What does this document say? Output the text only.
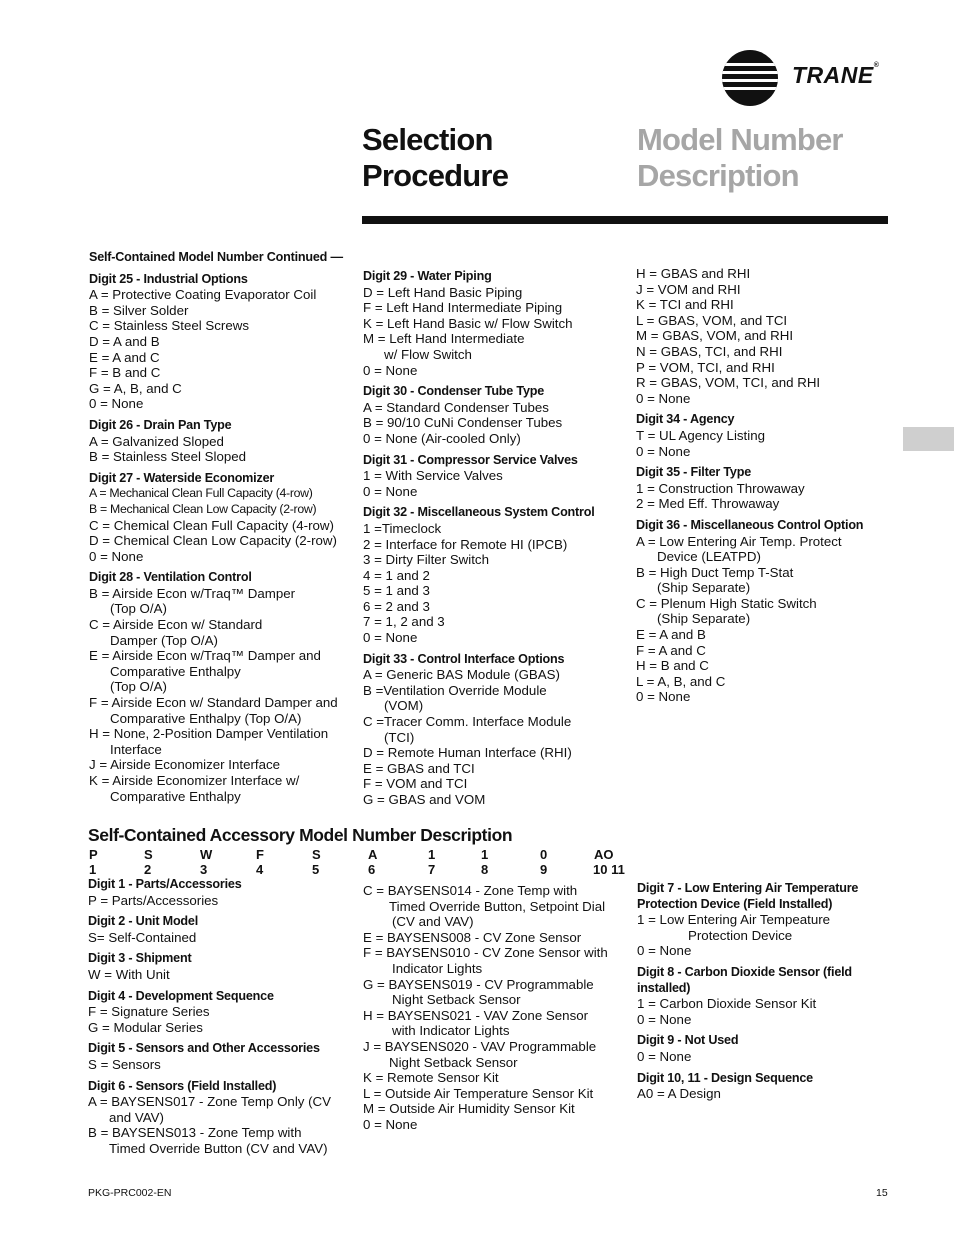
TRANE®
Selection
Procedure
Model Number
Description
Self-Contained Model Number Continued —
Digit 25 - Industrial Options
A = Protective Coating Evaporator Coil
B = Silver Solder
C = Stainless Steel Screws
D = A and B
E = A and C
F = B and C
G = A, B, and C
0 = None
Digit 26 - Drain Pan Type
A = Galvanized Sloped
B = Stainless Steel Sloped
Digit 27 - Waterside Economizer
A = Mechanical Clean Full Capacity (4-row)
B = Mechanical Clean Low Capacity (2-row)
C = Chemical Clean Full Capacity (4-row)
D = Chemical Clean Low Capacity (2-row)
0 = None
Digit 28 - Ventilation Control
B = Airside Econ w/Traq™ Damper
(Top O/A)
C = Airside Econ w/ Standard
Damper (Top O/A)
E = Airside Econ w/Traq™ Damper and
Comparative Enthalpy
(Top O/A)
F = Airside Econ w/ Standard Damper and
Comparative Enthalpy (Top O/A)
H = None, 2-Position Damper Ventilation
Interface
J = Airside Economizer Interface
K = Airside Economizer Interface w/
Comparative Enthalpy
Digit 29 - Water Piping
D = Left Hand Basic Piping
F = Left Hand Intermediate Piping
K = Left Hand Basic w/ Flow Switch
M = Left Hand Intermediate
w/ Flow Switch
0 = None
Digit 30 - Condenser Tube Type
A = Standard Condenser Tubes
B = 90/10 CuNi Condenser Tubes
0 = None (Air-cooled Only)
Digit 31 - Compressor Service Valves
1 = With Service Valves
0 = None
Digit 32 - Miscellaneous System Control
1 =Timeclock
2 = Interface for Remote HI (IPCB)
3 = Dirty Filter Switch
4 = 1 and 2
5 = 1 and 3
6 = 2 and 3
7 = 1, 2 and 3
0 = None
Digit 33 - Control Interface Options
A = Generic BAS Module (GBAS)
B =Ventilation Override Module
(VOM)
C =Tracer Comm. Interface Module
(TCI)
D = Remote Human Interface (RHI)
E = GBAS and TCI
F = VOM and TCI
G = GBAS and VOM
H = GBAS and RHI
J = VOM and RHI
K = TCI and RHI
L = GBAS, VOM, and TCI
M = GBAS, VOM, and RHI
N = GBAS, TCI, and RHI
P = VOM, TCI, and RHI
R = GBAS, VOM, TCI, and RHI
0 = None
Digit 34 - Agency
T = UL Agency Listing
0 = None
Digit 35 - Filter Type
1 = Construction Throwaway
2 = Med Eff. Throwaway
Digit 36 - Miscellaneous Control Option
A = Low Entering Air Temp. Protect
Device (LEATPD)
B = High Duct Temp T-Stat
(Ship Separate)
C = Plenum High Static Switch
(Ship Separate)
E = A and B
F = A and C
H = B and C
L = A, B, and C
0 = None
Self-Contained Accessory Model Number Description
P	S	W	F	S	A	1	1	0	AO
1	2	3	4	5	6	7	8	9	10 11
Digit 1 - Parts/Accessories
P = Parts/Accessories
Digit 2 - Unit Model
S= Self-Contained
Digit 3 - Shipment
W = With Unit
Digit 4 - Development Sequence
F = Signature Series
G = Modular Series
Digit 5 - Sensors and Other Accessories
S = Sensors
Digit 6 - Sensors (Field Installed)
A = BAYSENS017 - Zone Temp Only (CV
and VAV)
B = BAYSENS013 - Zone Temp with
Timed Override Button (CV and VAV)
C = BAYSENS014 - Zone Temp with
Timed Override Button, Setpoint Dial
(CV and VAV)
E = BAYSENS008 - CV Zone Sensor
F = BAYSENS010 - CV Zone Sensor with
Indicator Lights
G = BAYSENS019 - CV Programmable
Night Setback Sensor
H = BAYSENS021 - VAV Zone Sensor
with Indicator Lights
J = BAYSENS020 - VAV Programmable
Night Setback Sensor
K = Remote Sensor Kit
L = Outside Air Temperature Sensor Kit
M = Outside Air Humidity Sensor Kit
0 = None
Digit 7 - Low Entering Air Temperature
Protection Device (Field Installed)
1 = Low Entering Air Tempeature
Protection Device
0 = None
Digit 8 - Carbon Dioxide Sensor (field
installed)
1 = Carbon Dioxide Sensor Kit
0 = None
Digit 9 - Not Used
0 = None
Digit 10, 11 - Design Sequence
A0 = A Design
PKG-PRC002-EN	15
